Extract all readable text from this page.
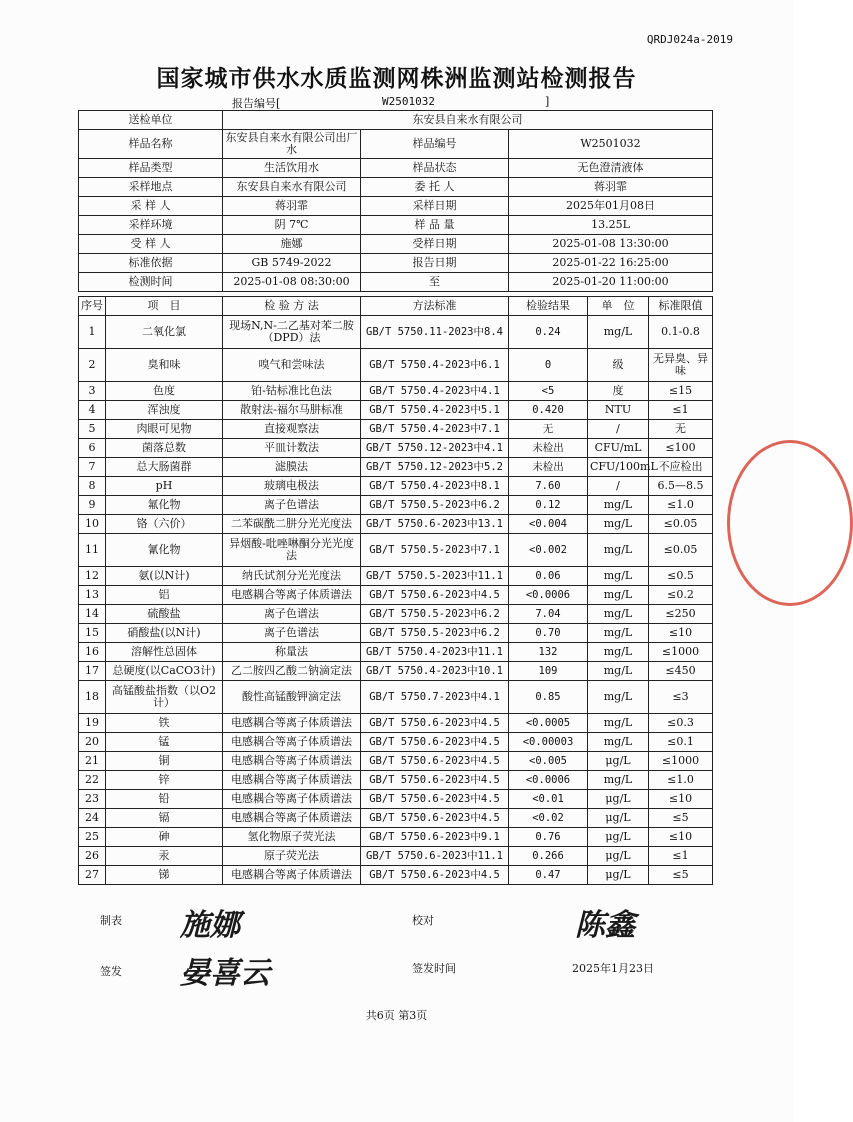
QRDJ024a-2019
国家城市供水水质监测网株洲监测站检测报告
报告编号[	W2501032	]
送检单位	东安县自来水有限公司		
样品名称	东安县自来水有限公司出厂水	样品编号	W2501032
样品类型	生活饮用水	样品状态	无色澄清液体
采样地点	东安县自来水有限公司	委 托 人	蒋羽霏
采 样 人	蒋羽霏	采样日期	2025年01月08日
采样环境	阴 7℃	样 品 量	13.25L
受 样 人	施娜	受样日期	2025-01-08 13:30:00
标准依据	GB 5749-2022	报告日期	2025-01-22 16:25:00
检测时间	2025-01-08 08:30:00	至	2025-01-20 11:00:00
序号	项　目	检 验 方 法	方法标准	检验结果	单　位	标准限值
1	二氧化氯	现场N,N-二乙基对苯二胺（DPD）法	GB/T 5750.11-2023中8.4	0.24	mg/L	0.1-0.8
2	臭和味	嗅气和尝味法	GB/T 5750.4-2023中6.1	0	级	无异臭、异味
3	色度	铂-钴标准比色法	GB/T 5750.4-2023中4.1	<5	度	≤15
4	浑浊度	散射法-福尔马肼标准	GB/T 5750.4-2023中5.1	0.420	NTU	≤1
5	肉眼可见物	直接观察法	GB/T 5750.4-2023中7.1	无	/	无
6	菌落总数	平皿计数法	GB/T 5750.12-2023中4.1	未检出	CFU/mL	≤100
7	总大肠菌群	滤膜法	GB/T 5750.12-2023中5.2	未检出	CFU/100mL	不应检出
8	pH	玻璃电极法	GB/T 5750.4-2023中8.1	7.60	/	6.5—8.5
9	氟化物	离子色谱法	GB/T 5750.5-2023中6.2	0.12	mg/L	≤1.0
10	铬（六价）	二苯碳酰二肼分光光度法	GB/T 5750.6-2023中13.1	<0.004	mg/L	≤0.05
11	氰化物	异烟酸-吡唑啉酮分光光度法	GB/T 5750.5-2023中7.1	<0.002	mg/L	≤0.05
12	氨(以N计)	纳氏试剂分光光度法	GB/T 5750.5-2023中11.1	0.06	mg/L	≤0.5
13	铝	电感耦合等离子体质谱法	GB/T 5750.6-2023中4.5	<0.0006	mg/L	≤0.2
14	硫酸盐	离子色谱法	GB/T 5750.5-2023中6.2	7.04	mg/L	≤250
15	硝酸盐(以N计)	离子色谱法	GB/T 5750.5-2023中6.2	0.70	mg/L	≤10
16	溶解性总固体	称量法	GB/T 5750.4-2023中11.1	132	mg/L	≤1000
17	总硬度(以CaCO3计)	乙二胺四乙酸二钠滴定法	GB/T 5750.4-2023中10.1	109	mg/L	≤450
18	高锰酸盐指数（以O2计）	酸性高锰酸钾滴定法	GB/T 5750.7-2023中4.1	0.85	mg/L	≤3
19	铁	电感耦合等离子体质谱法	GB/T 5750.6-2023中4.5	<0.0005	mg/L	≤0.3
20	锰	电感耦合等离子体质谱法	GB/T 5750.6-2023中4.5	<0.00003	mg/L	≤0.1
21	铜	电感耦合等离子体质谱法	GB/T 5750.6-2023中4.5	<0.005	μg/L	≤1000
22	锌	电感耦合等离子体质谱法	GB/T 5750.6-2023中4.5	<0.0006	mg/L	≤1.0
23	铅	电感耦合等离子体质谱法	GB/T 5750.6-2023中4.5	<0.01	μg/L	≤10
24	镉	电感耦合等离子体质谱法	GB/T 5750.6-2023中4.5	<0.02	μg/L	≤5
25	砷	氢化物原子荧光法	GB/T 5750.6-2023中9.1	0.76	μg/L	≤10
26	汞	原子荧光法	GB/T 5750.6-2023中11.1	0.266	μg/L	≤1
27	锑	电感耦合等离子体质谱法	GB/T 5750.6-2023中4.5	0.47	μg/L	≤5
制表 施娜	校对	陈鑫
签发 晏喜云	签发时间	2025年1月23日
共6页 第3页
